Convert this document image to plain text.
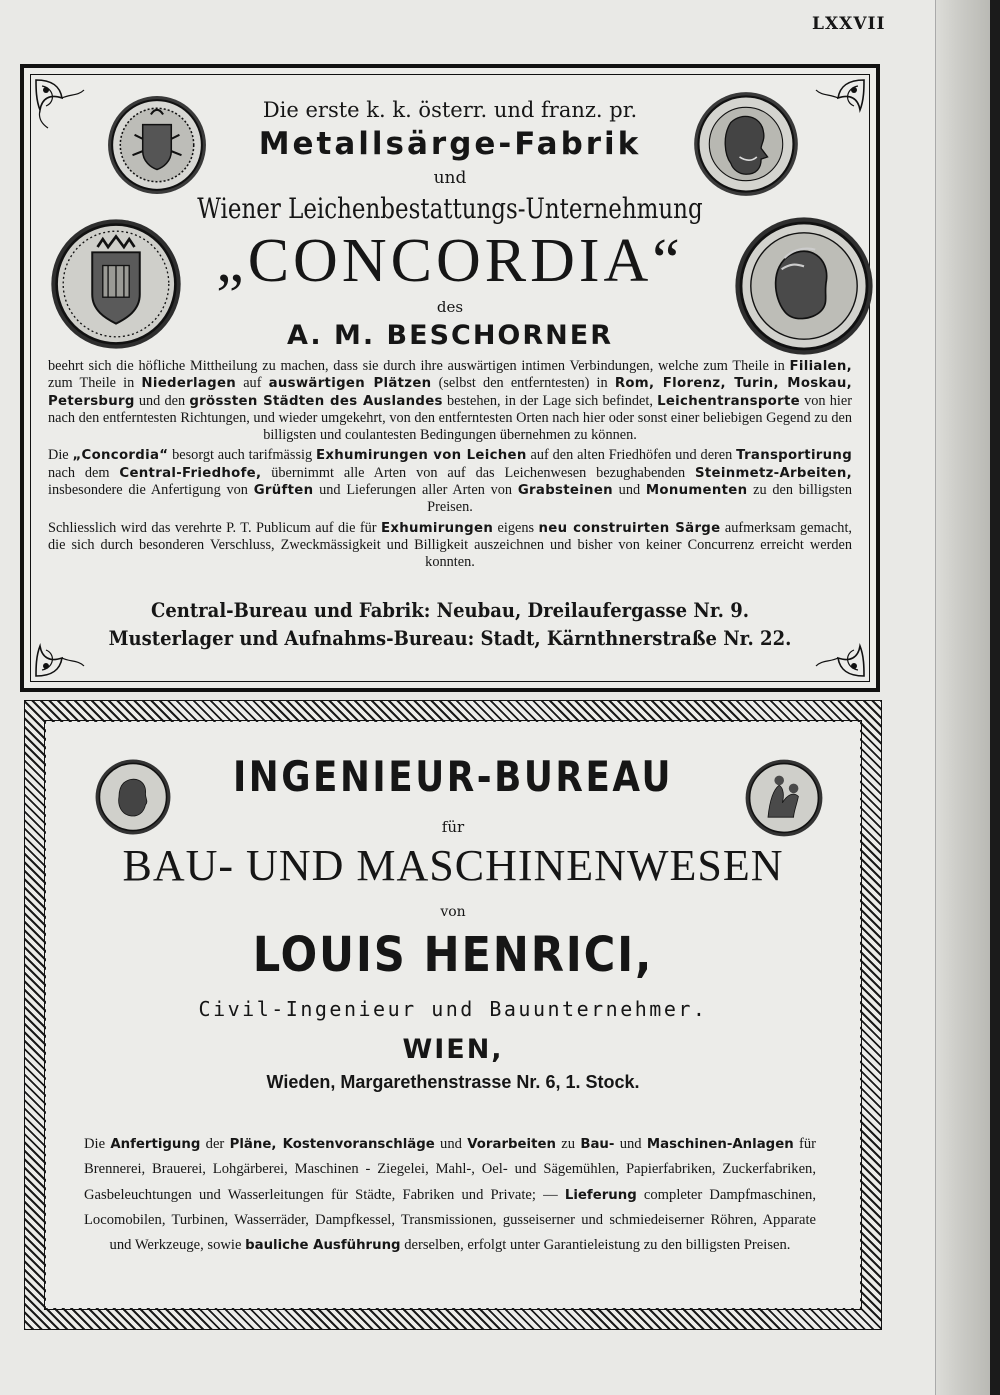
LXXVII
Die erste k. k. österr. und franz. pr.
Metallsärge-Fabrik
und
Wiener Leichenbestattungs-Unternehmung
„CONCORDIA“
des
A. M. BESCHORNER

beehrt sich die höfliche Mittheilung zu machen, dass sie durch ihre auswärtigen intimen Verbindungen, welche zum Theile in Filialen, zum Theile in Niederlagen auf auswärtigen Plätzen (selbst den entferntesten) in Rom, Florenz, Turin, Moskau, Petersburg und den grössten Städten des Auslandes bestehen, in der Lage sich befindet, Leichentransporte von hier nach den entferntesten Richtungen, und wieder umgekehrt, von den entferntesten Orten nach hier oder sonst einer beliebigen Gegend zu den billigsten und coulantesten Bedingungen übernehmen zu können.

Die „Concordia“ besorgt auch tarifmässig Exhumirungen von Leichen auf den alten Friedhöfen und deren Transportirung nach dem Central-Friedhofe, übernimmt alle Arten von auf das Leichenwesen bezughabenden Steinmetz-Arbeiten, insbesondere die Anfertigung von Grüften und Lieferungen aller Arten von Grabsteinen und Monumenten zu den billigsten Preisen.

Schliesslich wird das verehrte P. T. Publicum auf die für Exhumirungen eigens neu construirten Särge aufmerksam gemacht, die sich durch besonderen Verschluss, Zweckmässigkeit und Billigkeit auszeichnen und bisher von keiner Concurrenz erreicht werden konnten.

Central-Bureau und Fabrik: Neubau, Dreilaufergasse Nr. 9.
Musterlager und Aufnahms-Bureau: Stadt, Kärnthnerstraße Nr. 22.
INGENIEUR-BUREAU
für
BAU- UND MASCHINENWESEN
von
LOUIS HENRICI,
Civil-Ingenieur und Bauunternehmer.
WIEN,
Wieden, Margarethenstrasse Nr. 6, 1. Stock.

Die Anfertigung der Pläne, Kostenvoranschläge und Vorarbeiten zu Bau- und Maschinen-Anlagen für Brennerei, Brauerei, Lohgärberei, Maschinen - Ziegelei, Mahl-, Oel- und Sägemühlen, Papierfabriken, Zuckerfabriken, Gasbeleuchtungen und Wasserleitungen für Städte, Fabriken und Private; — Lieferung completer Dampfmaschinen, Locomobilen, Turbinen, Wasserräder, Dampfkessel, Transmissionen, gusseiserner und schmiedeiserner Röhren, Apparate und Werkzeuge, sowie bauliche Ausführung derselben, erfolgt unter Garantieleistung zu den billigsten Preisen.
